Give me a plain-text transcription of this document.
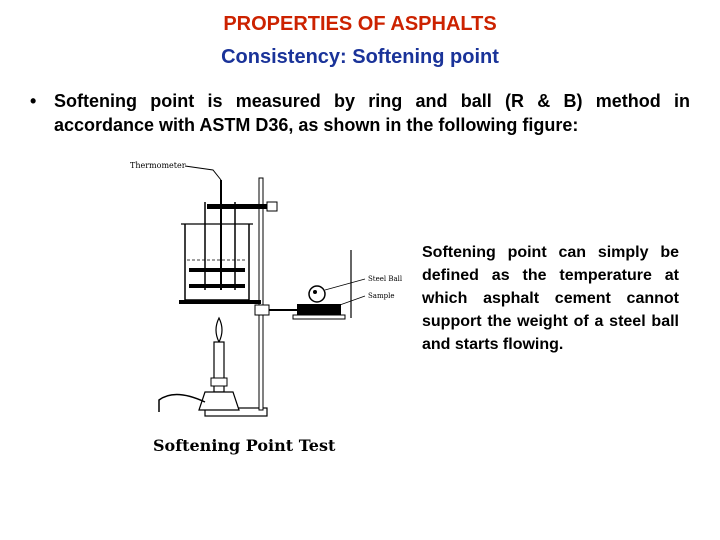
PROPERTIES OF ASPHALTS
Consistency: Softening point
• Softening point is measured by ring and ball (R & B) method in accordance with ASTM D36, as shown in the following figure:
Thermometer
Steel Ball
Sample
Softening Point Test
Softening point can simply be defined as the temperature at which asphalt cement cannot support the weight of a steel ball and starts flowing.
